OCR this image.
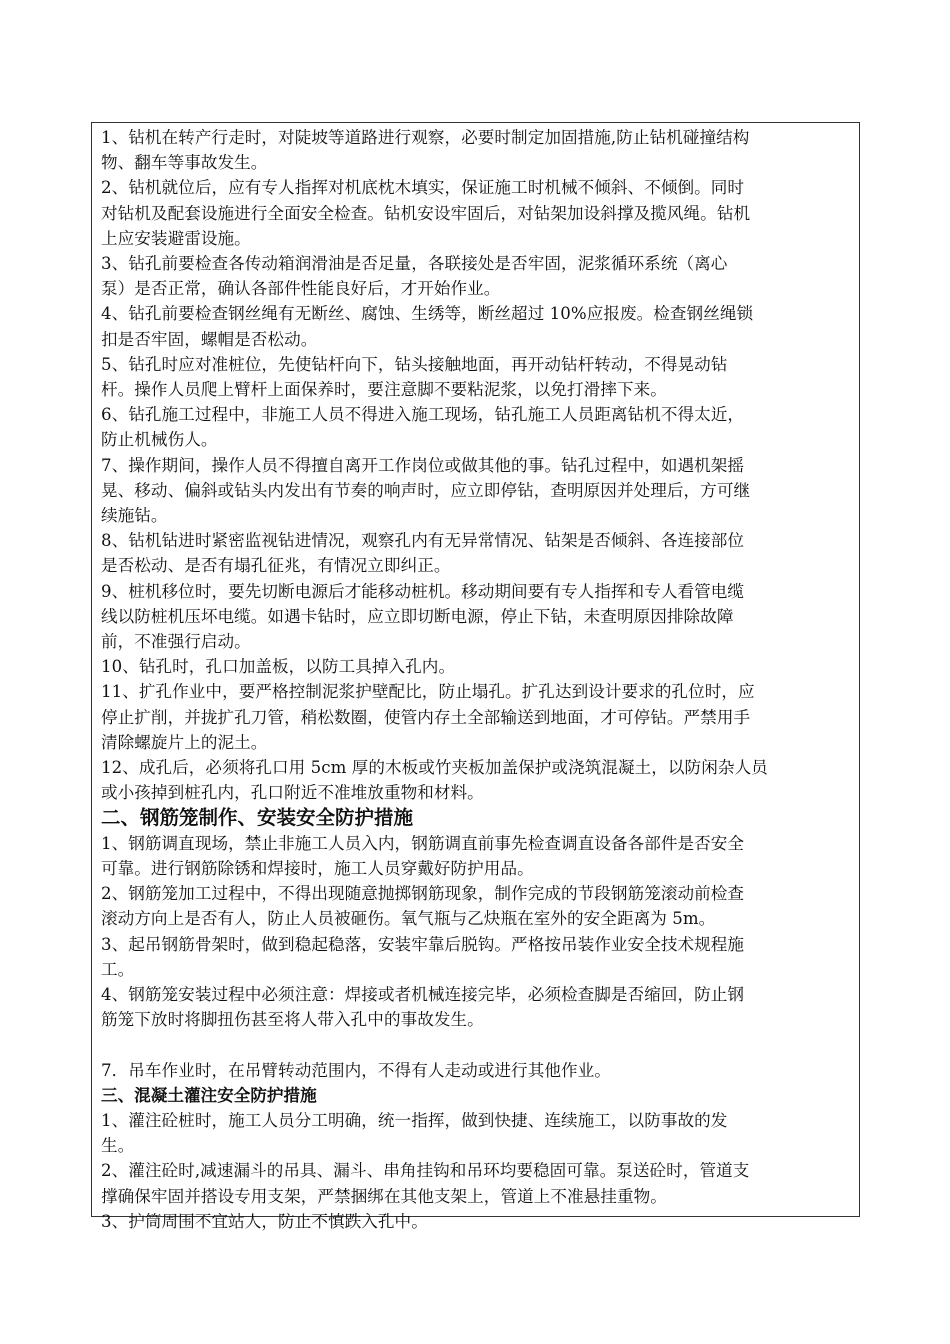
1、钻机在转产行走时，对陡坡等道路进行观察，必要时制定加固措施,防止钻机碰撞结构
物、翻车等事故发生。
2、钻机就位后，应有专人指挥对机底枕木填实，保证施工时机械不倾斜、不倾倒。同时
对钻机及配套设施进行全面安全检查。钻机安设牢固后，对钻架加设斜撑及揽风绳。钻机
上应安装避雷设施。
3、钻孔前要检查各传动箱润滑油是否足量，各联接处是否牢固，泥浆循环系统（离心
泵）是否正常，确认各部件性能良好后，才开始作业。
4、钻孔前要检查钢丝绳有无断丝、腐蚀、生绣等，断丝超过 10%应报废。检查钢丝绳锁
扣是否牢固，螺帽是否松动。
5、钻孔时应对准桩位，先使钻杆向下，钻头接触地面，再开动钻杆转动，不得晃动钻
杆。操作人员爬上臂杆上面保养时，要注意脚不要粘泥浆，以免打滑摔下来。
6、钻孔施工过程中，非施工人员不得进入施工现场，钻孔施工人员距离钻机不得太近，
防止机械伤人。
7、操作期间，操作人员不得擅自离开工作岗位或做其他的事。钻孔过程中，如遇机架摇
晃、移动、偏斜或钻头内发出有节奏的响声时，应立即停钻，查明原因并处理后，方可继
续施钻。
8、钻机钻进时紧密监视钻进情况，观察孔内有无异常情况、钻架是否倾斜、各连接部位
是否松动、是否有塌孔征兆，有情况立即纠正。
9、桩机移位时，要先切断电源后才能移动桩机。移动期间要有专人指挥和专人看管电缆
线以防桩机压坏电缆。如遇卡钻时，应立即切断电源，停止下钻，未查明原因排除故障
前，不准强行启动。
10、钻孔时，孔口加盖板，以防工具掉入孔内。
11、扩孔作业中，要严格控制泥浆护壁配比，防止塌孔。扩孔达到设计要求的孔位时，应
停止扩削，并拢扩孔刀管，稍松数圈，使管内存土全部输送到地面，才可停钻。严禁用手
清除螺旋片上的泥土。
12、成孔后，必须将孔口用 5cm 厚的木板或竹夹板加盖保护或浇筑混凝土，以防闲杂人员
或小孩掉到桩孔内，孔口附近不准堆放重物和材料。
二、钢筋笼制作、安装安全防护措施
1、钢筋调直现场，禁止非施工人员入内，钢筋调直前事先检查调直设备各部件是否安全
可靠。进行钢筋除锈和焊接时，施工人员穿戴好防护用品。
2、钢筋笼加工过程中，不得出现随意抛掷钢筋现象，制作完成的节段钢筋笼滚动前检查
滚动方向上是否有人，防止人员被砸伤。氧气瓶与乙炔瓶在室外的安全距离为 5m。
3、起吊钢筋骨架时，做到稳起稳落，安装牢靠后脱钩。严格按吊装作业安全技术规程施
工。
4、钢筋笼安装过程中必须注意：焊接或者机械连接完毕，必须检查脚是否缩回，防止钢
筋笼下放时将脚扭伤甚至将人带入孔中的事故发生。
7．吊车作业时，在吊臂转动范围内，不得有人走动或进行其他作业。
三、混凝土灌注安全防护措施
1、灌注砼桩时，施工人员分工明确，统一指挥，做到快捷、连续施工，以防事故的发
生。
2、灌注砼时,减速漏斗的吊具、漏斗、串角挂钩和吊环均要稳固可靠。泵送砼时，管道支
撑确保牢固并搭设专用支架，严禁捆绑在其他支架上，管道上不准悬挂重物。
3、护筒周围不宜站人，防止不慎跌入孔中。
